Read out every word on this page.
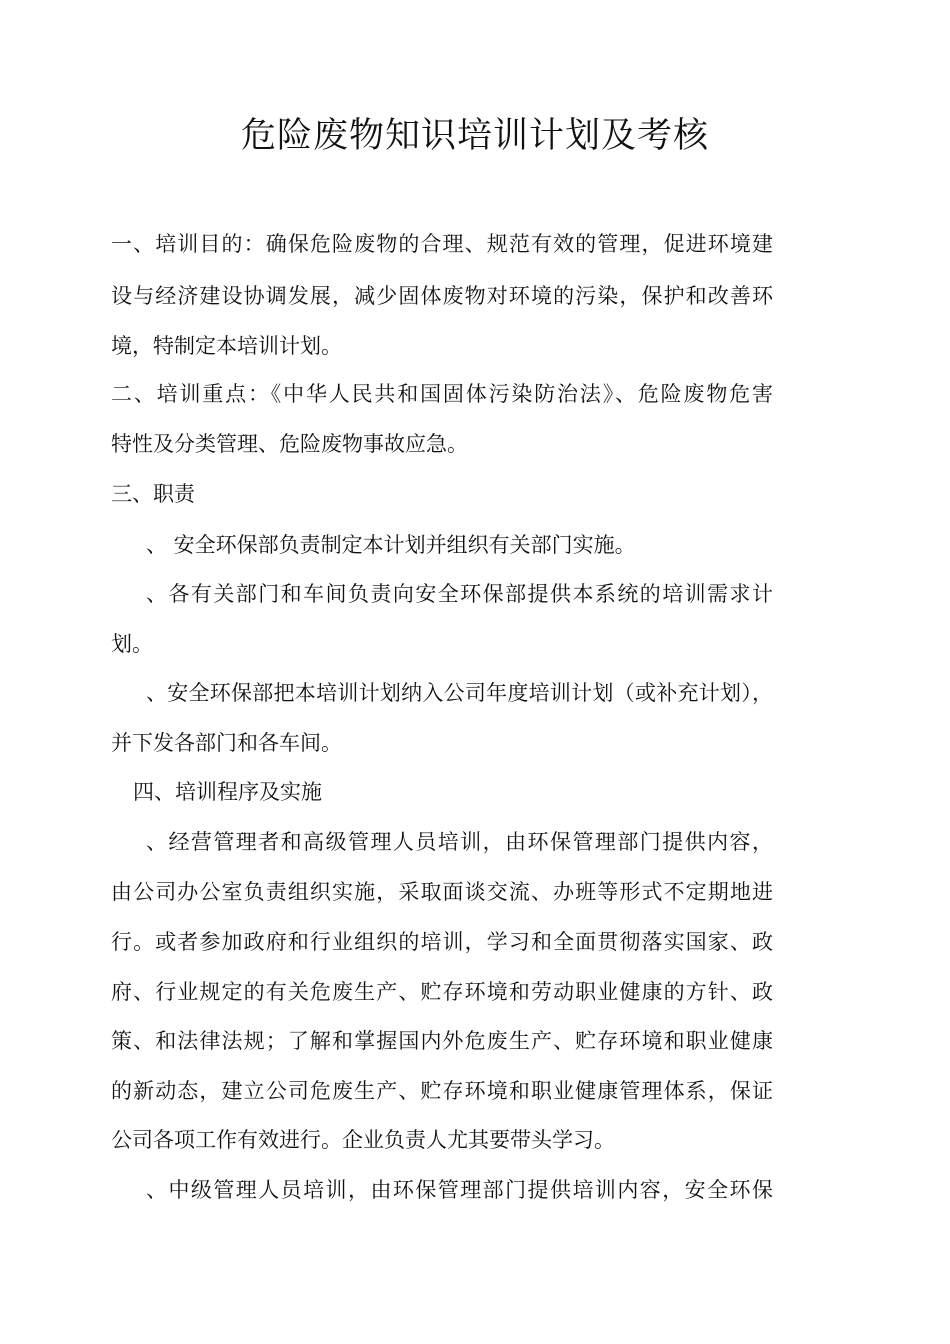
危险废物知识培训计划及考核

一、培训目的：确保危险废物的合理、规范有效的管理，促进环境建

设与经济建设协调发展，减少固体废物对环境的污染，保护和改善环

境，特制定本培训计划。

二、培训重点：《中华人民共和国固体污染防治法》、危险废物危害

特性及分类管理、危险废物事故应急。

三、职责

、 安全环保部负责制定本计划并组织有关部门实施。

、各有关部门和车间负责向安全环保部提供本系统的培训需求计

划。

、安全环保部把本培训计划纳入公司年度培训计划（或补充计划），

并下发各部门和各车间。

四、培训程序及实施

、经营管理者和高级管理人员培训，由环保管理部门提供内容，

由公司办公室负责组织实施，采取面谈交流、办班等形式不定期地进

行。或者参加政府和行业组织的培训，学习和全面贯彻落实国家、政

府、行业规定的有关危废生产、贮存环境和劳动职业健康的方针、政

策、和法律法规；了解和掌握国内外危废生产、贮存环境和职业健康

的新动态，建立公司危废生产、贮存环境和职业健康管理体系，保证

公司各项工作有效进行。企业负责人尤其要带头学习。

、中级管理人员培训，由环保管理部门提供培训内容，安全环保
